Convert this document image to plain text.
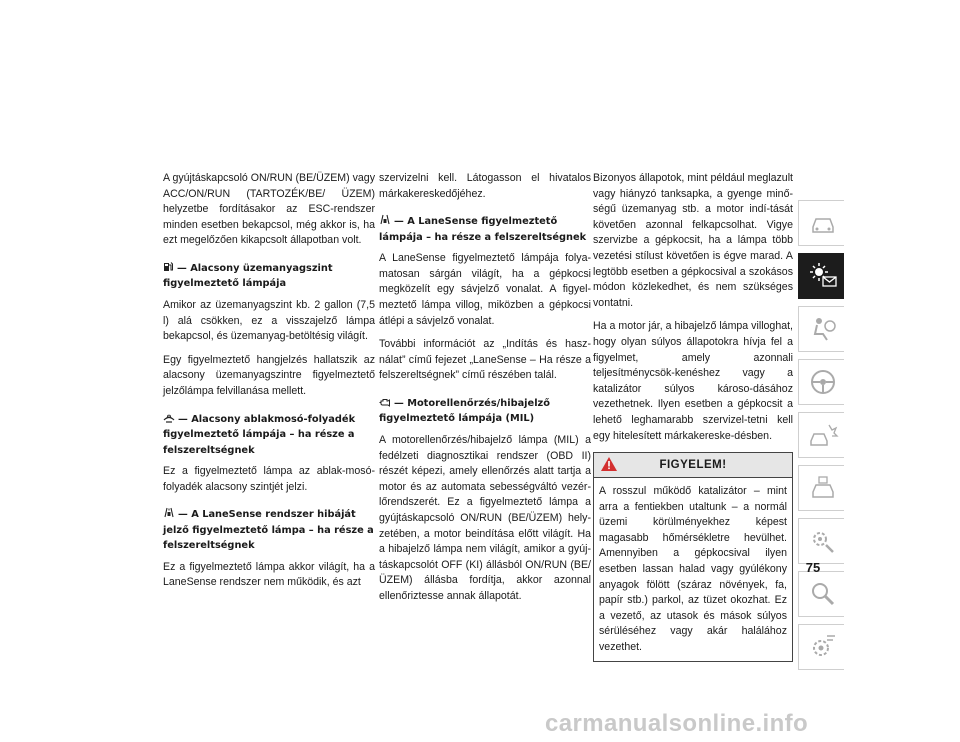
A gyújtáskapcsoló ON/RUN (BE/ÜZEM) vagy ACC/ON/RUN (TARTOZÉK/BE/ ÜZEM) helyzetbe fordításakor az ESC-rendszer minden esetben bekapcsol, még akkor is, ha ezt megelőzően kikapcsolt állapotban volt.

— Alacsony üzemanyagszint figyelmeztető lámpája

Amikor az üzemanyagszint kb. 2 gallon (7,5 l) alá csökken, ez a visszajelző lámpa bekapcsol, és üzemanyag-betöltésig világít.

Egy figyelmeztető hangjelzés hallatszik az alacsony üzemanyagszintre figyelmeztető jelzőlámpa felvillanása mellett.

— Alacsony ablakmosó-folyadék figyelmeztető lámpája – ha része a felszereltségnek

Ez a figyelmeztető lámpa az ablak-mosó-folyadék alacsony szintjét jelzi.

— A LaneSense rendszer hibáját jelző figyelmeztető lámpa – ha része a felszereltségnek

Ez a figyelmeztető lámpa akkor világít, ha a LaneSense rendszer nem működik, és azt

szervizelni kell. Látogasson el hivatalos márkakereskedőjéhez.

— A LaneSense figyelmeztető lámpája – ha része a felszereltségnek

A LaneSense figyelmeztető lámpája folya-matosan sárgán világít, ha a gépkocsi megközelít egy sávjelző vonalat. A figyel-meztető lámpa villog, miközben a gépkocsi átlépi a sávjelző vonalat.

További információt az „Indítás és hasz-nálat” című fejezet „LaneSense – Ha része a felszereltségnek” című részében talál.

— Motorellenőrzés/hibajelző figyelmeztető lámpája (MIL)

A motorellenőrzés/hibajelző lámpa (MIL) a fedélzeti diagnosztikai rendszer (OBD II) részét képezi, amely ellenőrzés alatt tartja a motor és az automata sebességváltó vezér-lőrendszerét. Ez a figyelmeztető lámpa a gyújtáskapcsoló ON/RUN (BE/ÜZEM) hely-zetében, a motor beindítása előtt világít. Ha a hibajelző lámpa nem világít, amikor a gyúj-táskapcsolót OFF (KI) állásból ON/RUN (BE/ÜZEM) állásba fordítja, akkor azonnal ellenőriztesse annak állapotát.

Bizonyos állapotok, mint például meglazult vagy hiányzó tanksapka, a gyenge minő-ségű üzemanyag stb. a motor indí-tását követően azonnal felkapcsolhat. Vigye szervizbe a gépkocsit, ha a lámpa több vezetési stílust követően is égve marad. A legtöbb esetben a gépkocsival a szokásos módon közlekedhet, és nem szükséges vontatni.

Ha a motor jár, a hibajelző lámpa villoghat, hogy olyan súlyos állapotokra hívja fel a figyelmet, amely azonnali teljesítménycsök-kenéshez vagy a katalizátor súlyos károso-dásához vezethetnek. Ilyen esetben a gépkocsit a lehető leghamarabb szervizel-tetni kell egy hitelesített márkakereske-désben.

FIGYELEM!
A rosszul működő katalizátor – mint arra a fentiekben utaltunk – a normál üzemi körülményekhez képest magasabb hőmérsékletre hevülhet. Amennyiben a gépkocsival ilyen esetben lassan halad vagy gyúlékony anyagok fölött (száraz növények, fa, papír stb.) parkol, az tüzet okozhat. Ez a vezető, az utasok és mások súlyos sérüléséhez vagy akár halálához vezethet.
75
carmanualsonline.info
